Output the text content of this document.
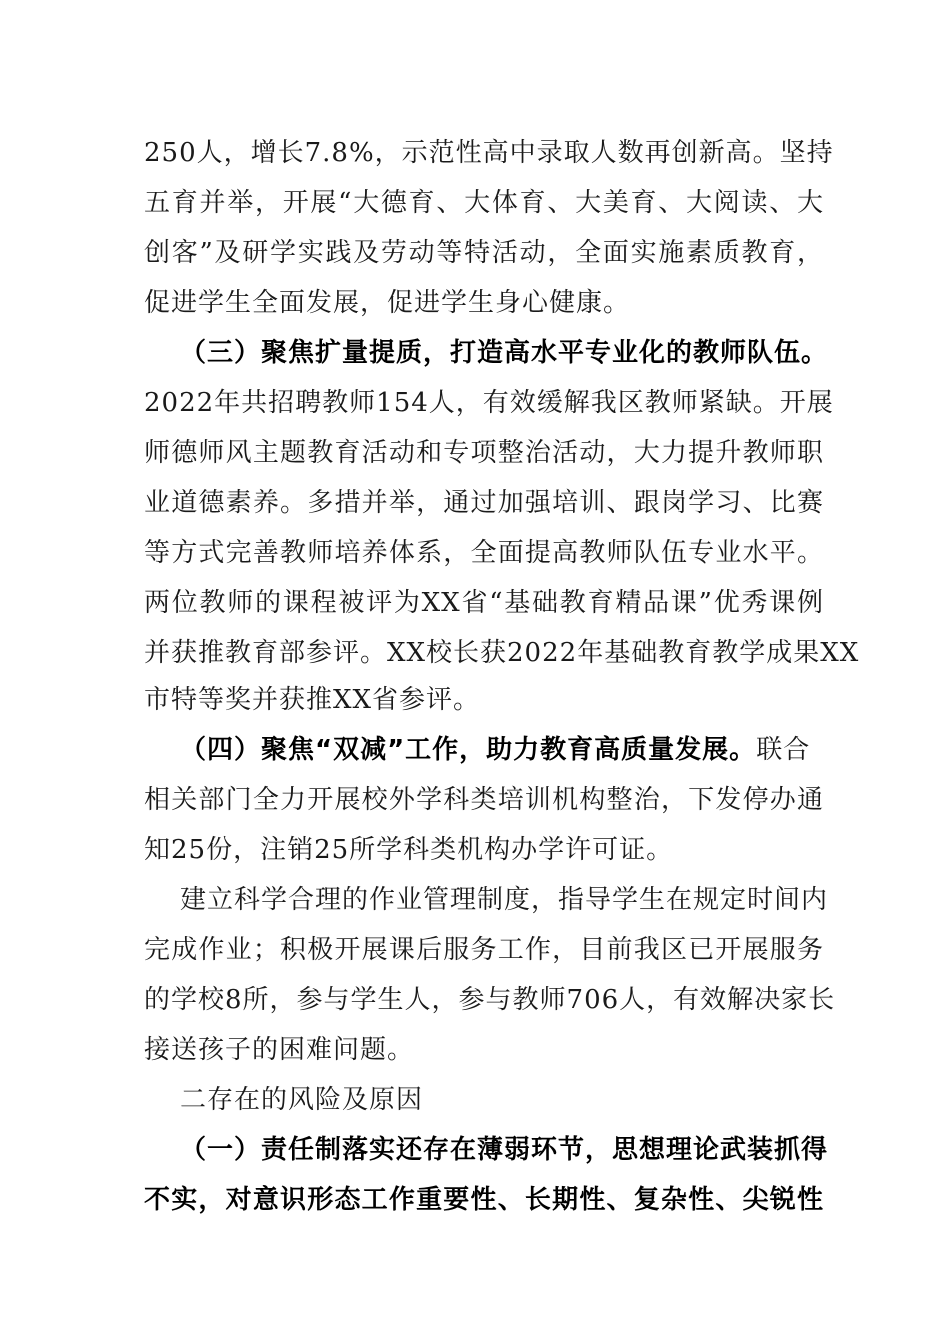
250人，增长7.8%，示范性高中录取人数再创新高。坚持
五育并举，开展“大德育、大体育、大美育、大阅读、大
创客”及研学实践及劳动等特活动，全面实施素质教育，
促进学生全面发展，促进学生身心健康。
（三）聚焦扩量提质，打造高水平专业化的教师队伍。
2022年共招聘教师154人，有效缓解我区教师紧缺。开展
师德师风主题教育活动和专项整治活动，大力提升教师职
业道德素养。多措并举，通过加强培训、跟岗学习、比赛
等方式完善教师培养体系，全面提高教师队伍专业水平。
两位教师的课程被评为XX省“基础教育精品课”优秀课例
并获推教育部参评。XX校长获2022年基础教育教学成果XX
市特等奖并获推XX省参评。
（四）聚焦“双减”工作，助力教育高质量发展。联合
相关部门全力开展校外学科类培训机构整治，下发停办通
知25份，注销25所学科类机构办学许可证。
建立科学合理的作业管理制度，指导学生在规定时间内
完成作业；积极开展课后服务工作，目前我区已开展服务
的学校8所，参与学生人，参与教师706人，有效解决家长
接送孩子的困难问题。
二存在的风险及原因
（一）责任制落实还存在薄弱环节，思想理论武装抓得
不实，对意识形态工作重要性、长期性、复杂性、尖锐性
